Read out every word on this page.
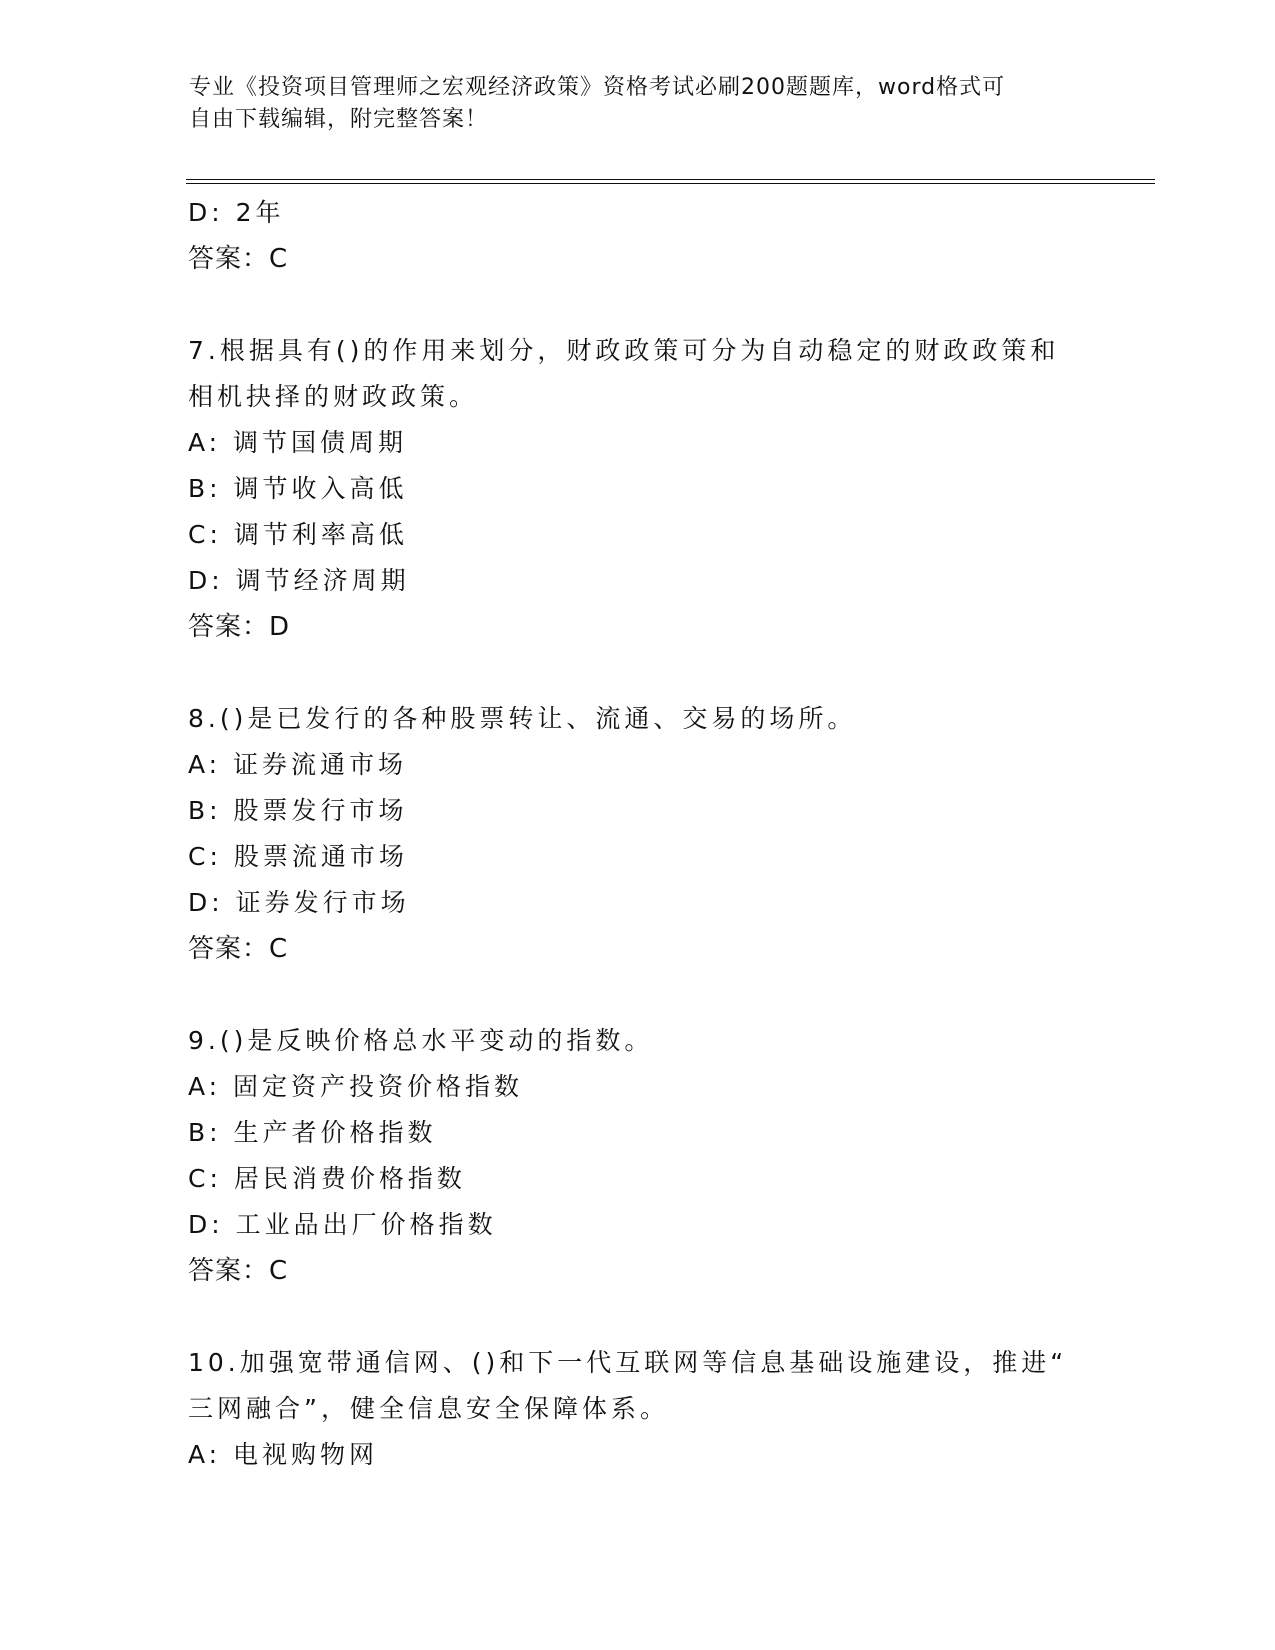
专业《投资项目管理师之宏观经济政策》资格考试必刷200题题库，word格式可
自由下载编辑，附完整答案！
D: 2年
答案：C
7.根据具有()的作用来划分，财政政策可分为自动稳定的财政政策和
相机抉择的财政政策。
A: 调节国债周期
B: 调节收入高低
C: 调节利率高低
D: 调节经济周期
答案：D
8.()是已发行的各种股票转让、流通、交易的场所。
A: 证券流通市场
B: 股票发行市场
C: 股票流通市场
D: 证券发行市场
答案：C
9.()是反映价格总水平变动的指数。
A: 固定资产投资价格指数
B: 生产者价格指数
C: 居民消费价格指数
D: 工业品出厂价格指数
答案：C
10.加强宽带通信网、()和下一代互联网等信息基础设施建设，推进“
三网融合”，健全信息安全保障体系。
A: 电视购物网
